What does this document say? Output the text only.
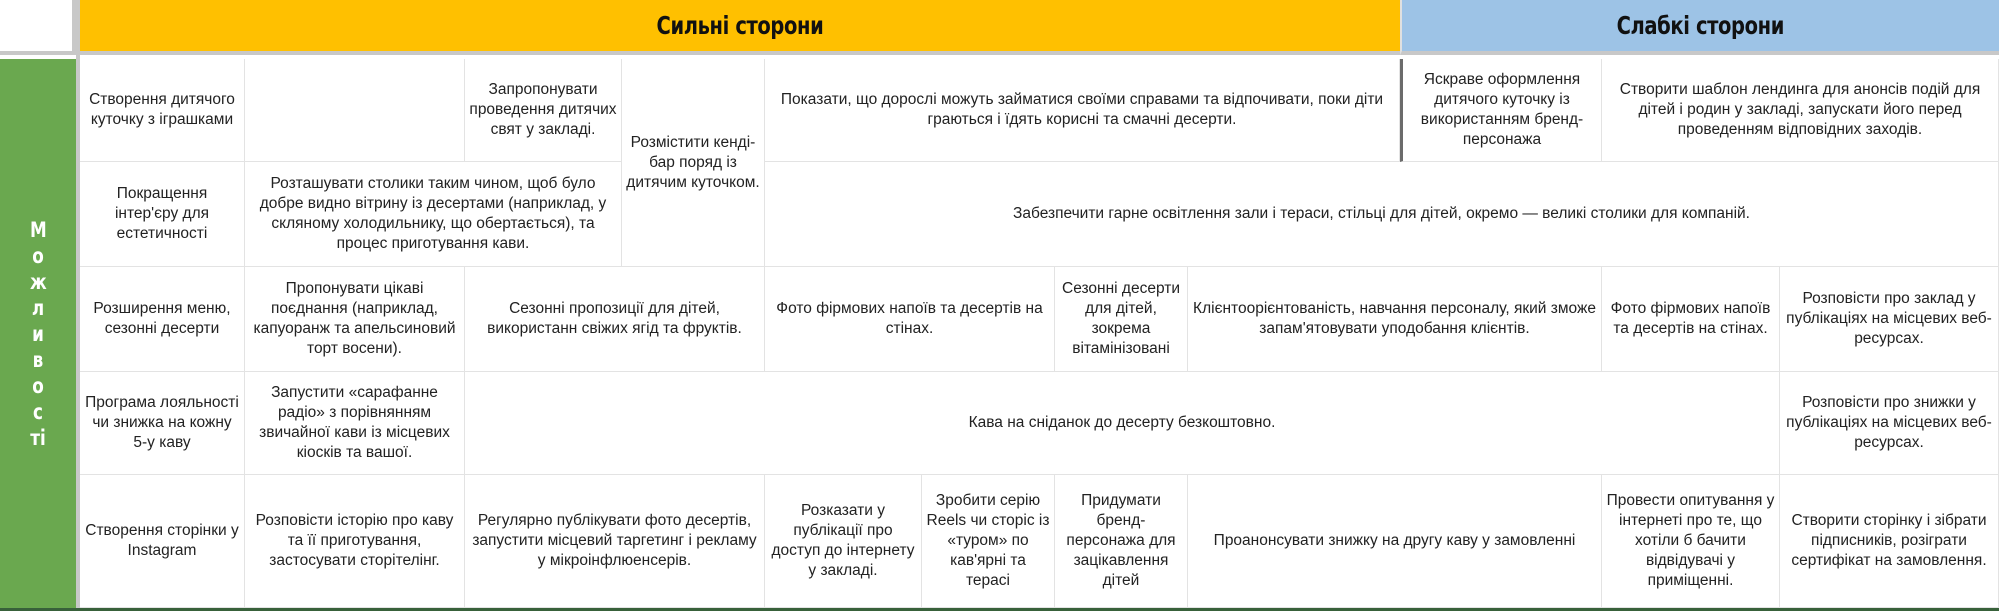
Сильні сторони	Слабкі сторони
Можливості
Створення дитячого куточку з іграшками
Запропонувати проведення дитячих свят у закладі.
Розмістити кенді-бар поряд із дитячим куточком.
Показати, що дорослі можуть займатися своїми справами та відпочивати, поки діти граються і їдять корисні та смачні десерти.
Яскраве оформлення дитячого куточку із використанням бренд-персонажа
Створити шаблон лендинга для анонсів подій для дітей і родин у закладі, запускати його перед проведенням відповідних заходів.
Покращення інтер'єру для естетичності
Розташувати столики таким чином, щоб було добре видно вітрину із десертами (наприклад, у скляному холодильнику, що обертається), та процес приготування кави.
Забезпечити гарне освітлення зали і тераси, стільці для дітей, окремо — великі столики для компаній.
Розширення меню, сезонні десерти
Пропонувати цікаві поєднання (наприклад, капуоранж та апельсиновий торт восени).
Сезонні пропозиції для дітей, використанн свіжих ягід та фруктів.
Фото фірмових напоїв та десертів на стінах.
Сезонні десерти для дітей, зокрема вітамінізовані
Клієнтоорієнтованість, навчання персоналу, який зможе запам'ятовувати уподобання клієнтів.
Фото фірмових напоїв та десертів на стінах.
Розповісти про заклад у публікаціях на місцевих веб-ресурсах.
Програма лояльності чи знижка на кожну 5-у каву
Запустити «сарафанне радіо» з порівнянням звичайної кави із місцевих кіосків та вашої.
Кава на сніданок до десерту безкоштовно.
Розповісти про знижки у публікаціях на місцевих веб-ресурсах.
Створення сторінки у Instagram
Розповісти історію про каву та її приготування, застосувати сторітелінг.
Регулярно публікувати фото десертів, запустити місцевий таргетинг і рекламу у мікроінфлюенсерів.
Розказати у публікації про доступ до інтернету у закладі.
Зробити серію Reels чи сторіс із «туром» по кав'ярні та терасі
Придумати бренд-персонажа для зацікавлення дітей
Проанонсувати знижку на другу каву у замовленні
Провести опитування у інтернеті про те, що хотіли б бачити відвідувачі у приміщенні.
Створити сторінку і зібрати підписників, розіграти сертифікат на замовлення.
